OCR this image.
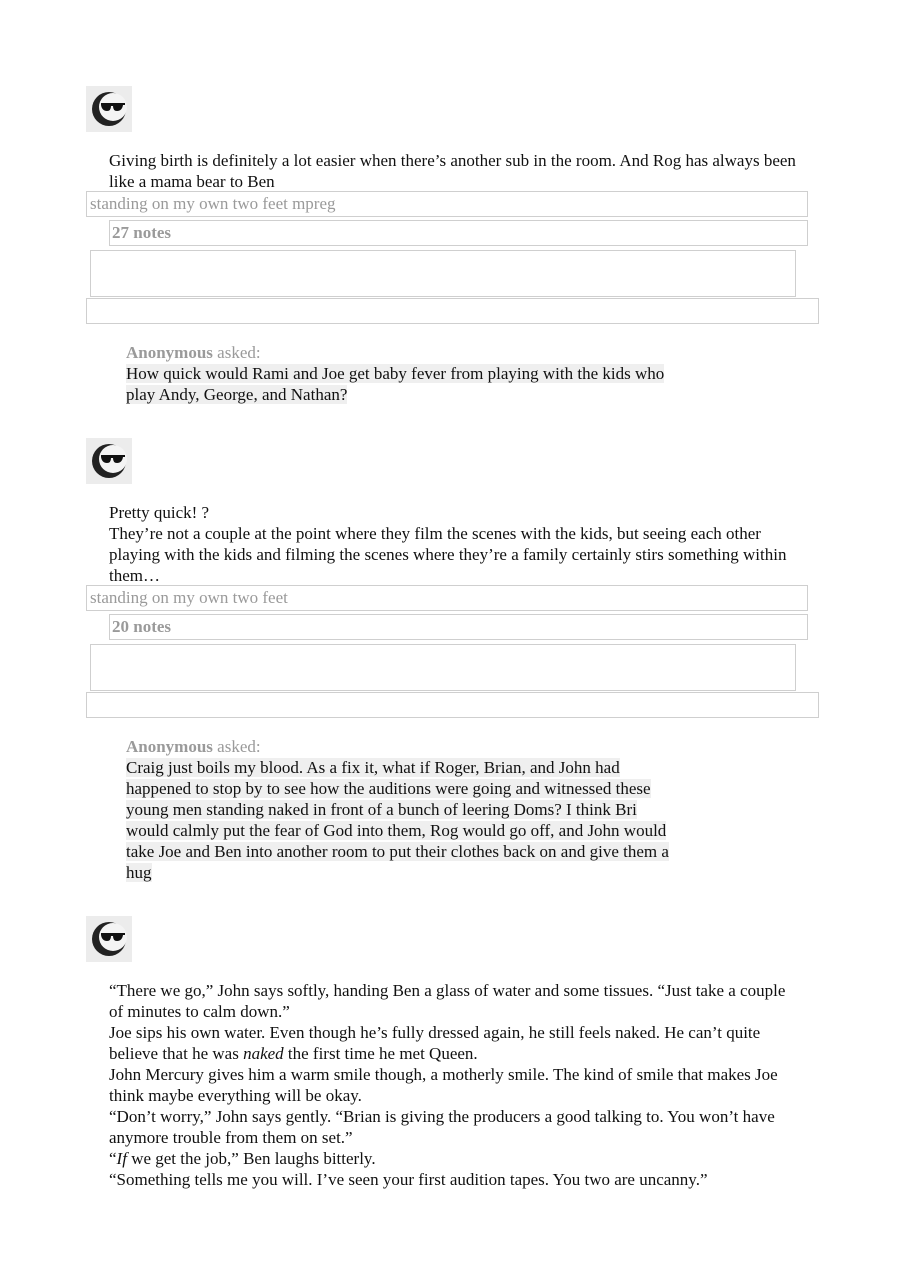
Giving birth is definitely a lot easier when there’s another sub in the room. And Rog has always been like a mama bear to Ben
standing on my own two feet mpreg
27 notes
Anonymous asked:
How quick would Rami and Joe get baby fever from playing with the kids who
play Andy, George, and Nathan?

Pretty quick! ?

They’re not a couple at the point where they film the scenes with the kids, but seeing each other playing with the kids and filming the scenes where they’re a family certainly stirs something within them…

standing on my own two feet
20 notes
Anonymous asked:
Craig just boils my blood. As a fix it, what if Roger, Brian, and John had
happened to stop by to see how the auditions were going and witnessed these
young men standing naked in front of a bunch of leering Doms? I think Bri
would calmly put the fear of God into them, Rog would go off, and John would
take Joe and Ben into another room to put their clothes back on and give them a
hug

“There we go,” John says softly, handing Ben a glass of water and some tissues. “Just take a couple of minutes to calm down.”

Joe sips his own water. Even though he’s fully dressed again, he still feels naked. He can’t quite believe that he was naked the first time he met Queen.

John Mercury gives him a warm smile though, a motherly smile. The kind of smile that makes Joe think maybe everything will be okay.

“Don’t worry,” John says gently. “Brian is giving the producers a good talking to. You won’t have anymore trouble from them on set.”

“If we get the job,” Ben laughs bitterly.

“Something tells me you will. I’ve seen your first audition tapes. You two are uncanny.”
